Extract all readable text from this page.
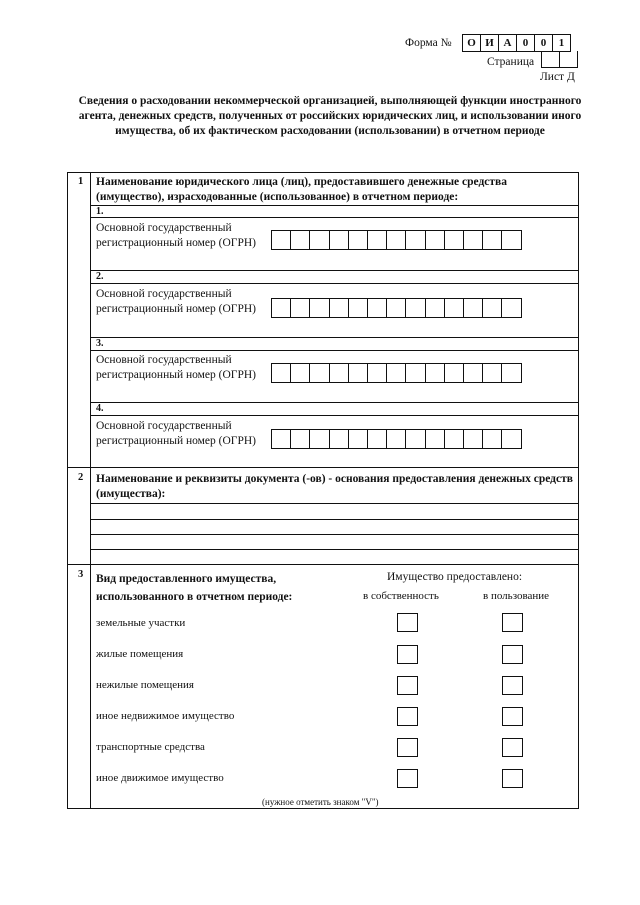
Форма №	О И А	0	0	1
Страница
Лист Д
Сведения о расходовании некоммерческой организацией, выполняющей функции иностранного агента, денежных средств, полученных от российских юридических лиц, и использовании иного имущества, об их фактическом расходовании (использовании) в отчетном периоде
1 Наименование юридического лица (лиц), предоставившего денежные средства (имущество), израсходованные (использованное) в отчетном периоде:
1.
Основной государственный регистрационный номер (ОГРН)
2.
Основной государственный регистрационный номер (ОГРН)
3.
Основной государственный регистрационный номер (ОГРН)
4.
Основной государственный регистрационный номер (ОГРН)
2 Наименование и реквизиты документа (-ов) - основания предоставления денежных средств (имущества):
3 Вид предоставленного имущества, использованного в отчетном периоде:
Имущество предоставлено:
в собственность	в пользование
земельные участки
жилые помещения
нежилые помещения
иное недвижимое имущество
транспортные средства
иное движимое имущество
(нужное отметить знаком "V")
